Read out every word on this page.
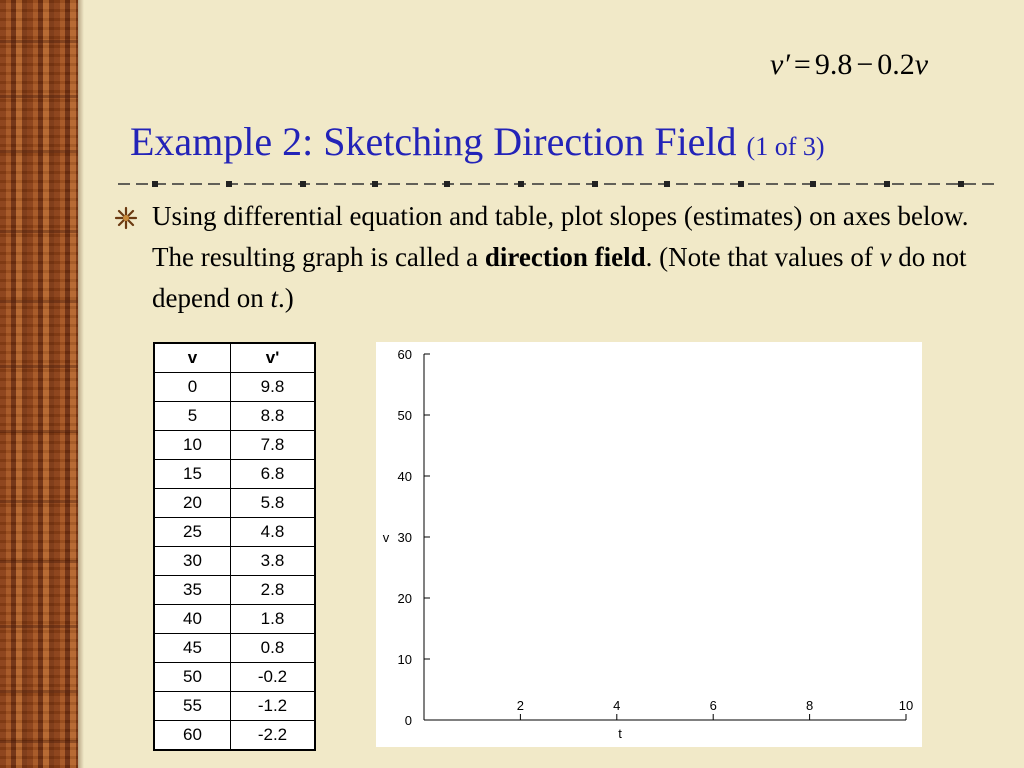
v′ = 9.8 − 0.2v
Example 2: Sketching Direction Field (1 of 3)
Using differential equation and table, plot slopes (estimates) on axes below. The resulting graph is called a direction field. (Note that values of v do not depend on t.)
v	v'
0	9.8
5	8.8
10	7.8
15	6.8
20	5.8
25	4.8
30	3.8
35	2.8
40	1.8
45	0.8
50	-0.2
55	-1.2
60	-2.2
2	4	6	8	10
0
10
20
30
40
50
60
t
v
